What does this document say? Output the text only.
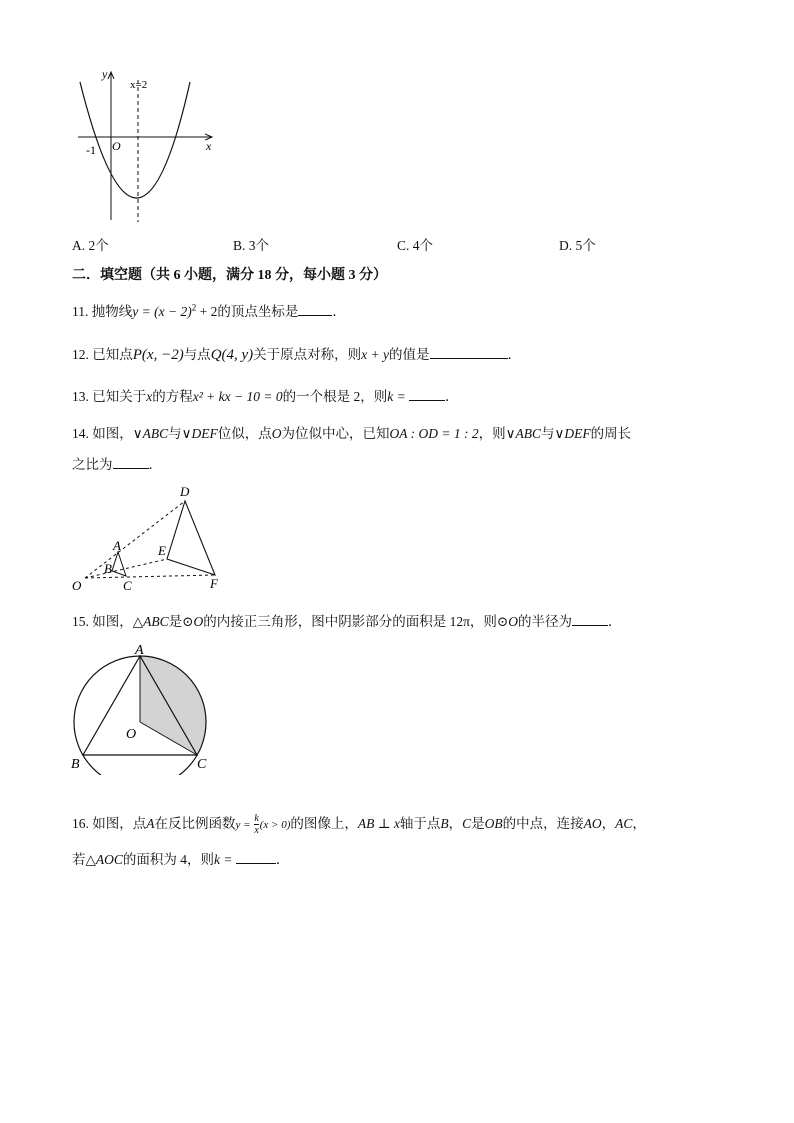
y
x
x=2
O
-1
A. 2个	B. 3个	C. 4个	D. 5个
二．填空题（共 6 小题，满分 18 分，每小题 3 分）
11. 抛物线$y = (x - 2)^2 + 2$的顶点坐标是	．
12. 已知点P(x, −2)与点Q(4, y)关于原点对称，则x + y的值是	．
13. 已知关于x的方程x² + kx − 10 = 0的一个根是 2，则k =	．
14. 如图，∨ABC与∨DEF位似，点O为位似中心，已知OA : OD = 1 : 2，则∨ABC与∨DEF的周长
之比为	．
O
A
B
C
D
E
F
15. 如图，△ABC是⊙O的内接正三角形，图中阴影部分的面积是 12π，则⊙O的半径为	．
A
B	C
O
16. 如图，点A在反比例函数$y = \frac{k}{x} (x > 0)$的图像上，AB ⊥ x轴于点B，C是OB的中点，连接AO，AC，
若△AOC的面积为 4，则k =	．
